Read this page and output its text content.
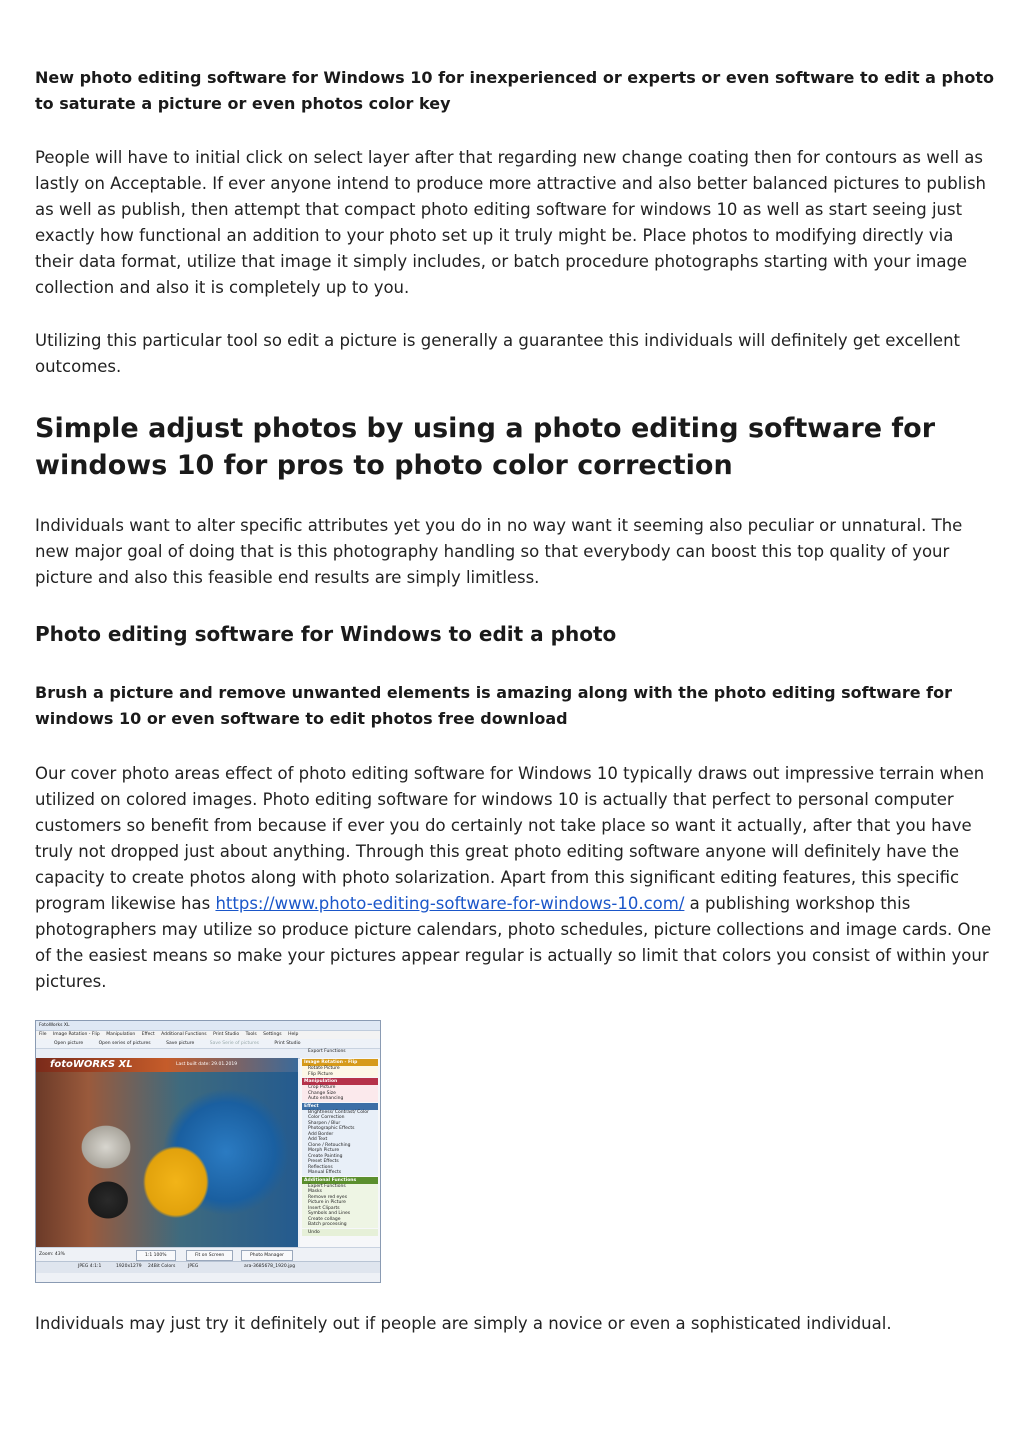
New photo editing software for Windows 10 for inexperienced or experts or even software to edit a photo to saturate a picture or even photos color key

People will have to initial click on select layer after that regarding new change coating then for contours as well as lastly on Acceptable. If ever anyone intend to produce more attractive and also better balanced pictures to publish as well as publish, then attempt that compact photo editing software for windows 10 as well as start seeing just exactly how functional an addition to your photo set up it truly might be. Place photos to modifying directly via their data format, utilize that image it simply includes, or batch procedure photographs starting with your image collection and also it is completely up to you.

Utilizing this particular tool so edit a picture is generally a guarantee this individuals will definitely get excellent outcomes.

Simple adjust photos by using a photo editing software for windows 10 for pros to photo color correction

Individuals want to alter specific attributes yet you do in no way want it seeming also peculiar or unnatural. The new major goal of doing that is this photography handling so that everybody can boost this top quality of your picture and also this feasible end results are simply limitless.

Photo editing software for Windows to edit a photo

Brush a picture and remove unwanted elements is amazing along with the photo editing software for windows 10 or even software to edit photos free download

Our cover photo areas effect of photo editing software for Windows 10 typically draws out impressive terrain when utilized on colored images. Photo editing software for windows 10 is actually that perfect to personal computer customers so benefit from because if ever you do certainly not take place so want it actually, after that you have truly not dropped just about anything. Through this great photo editing software anyone will definitely have the capacity to create photos along with photo solarization. Apart from this significant editing features, this specific program likewise has https://www.photo-editing-software-for-windows-10.com/ a publishing workshop this photographers may utilize so produce picture calendars, photo schedules, picture collections and image cards. One of the easiest means so make your pictures appear regular is actually so limit that colors you consist of within your pictures.

FotoWorks XL
File Image Rotation - Flip Manipulation Effect Additional Functions Print Studio Tools Settings Help
Open picture	Open series of pictures	Save picture	Save Serie of pictures	Print Studio
Export Functions
fotoWORKS XL	Last built date: 29.01.2019	Image Rotation - Flip
Rotate Picture
Flip Picture
Manipulation
Crop Picture
Change Size
Auto enhancing
Effect
Brightness/ Contrast/ Color
Color Correction
Sharpen / Blur
Photographic Effects
Add Border
Add Text
Clone / Retouching
Morph Picture
Create Painting
Preset Effects
Reflections
Manual Effects
Additional Functions
Expert Functions
Masks
Remove red eyes
Picture in Picture
Insert Cliparts
Symbols and Lines
Create collage
Batch processing
Undo
Zoom: 43%	1:1 100%	Fit on Screen	Photo Manager
JPEG 4:1:1	1920x1279 24Bit Colors	JPEG	ara-3685678_1920.jpg

Individuals may just try it definitely out if people are simply a novice or even a sophisticated individual.
